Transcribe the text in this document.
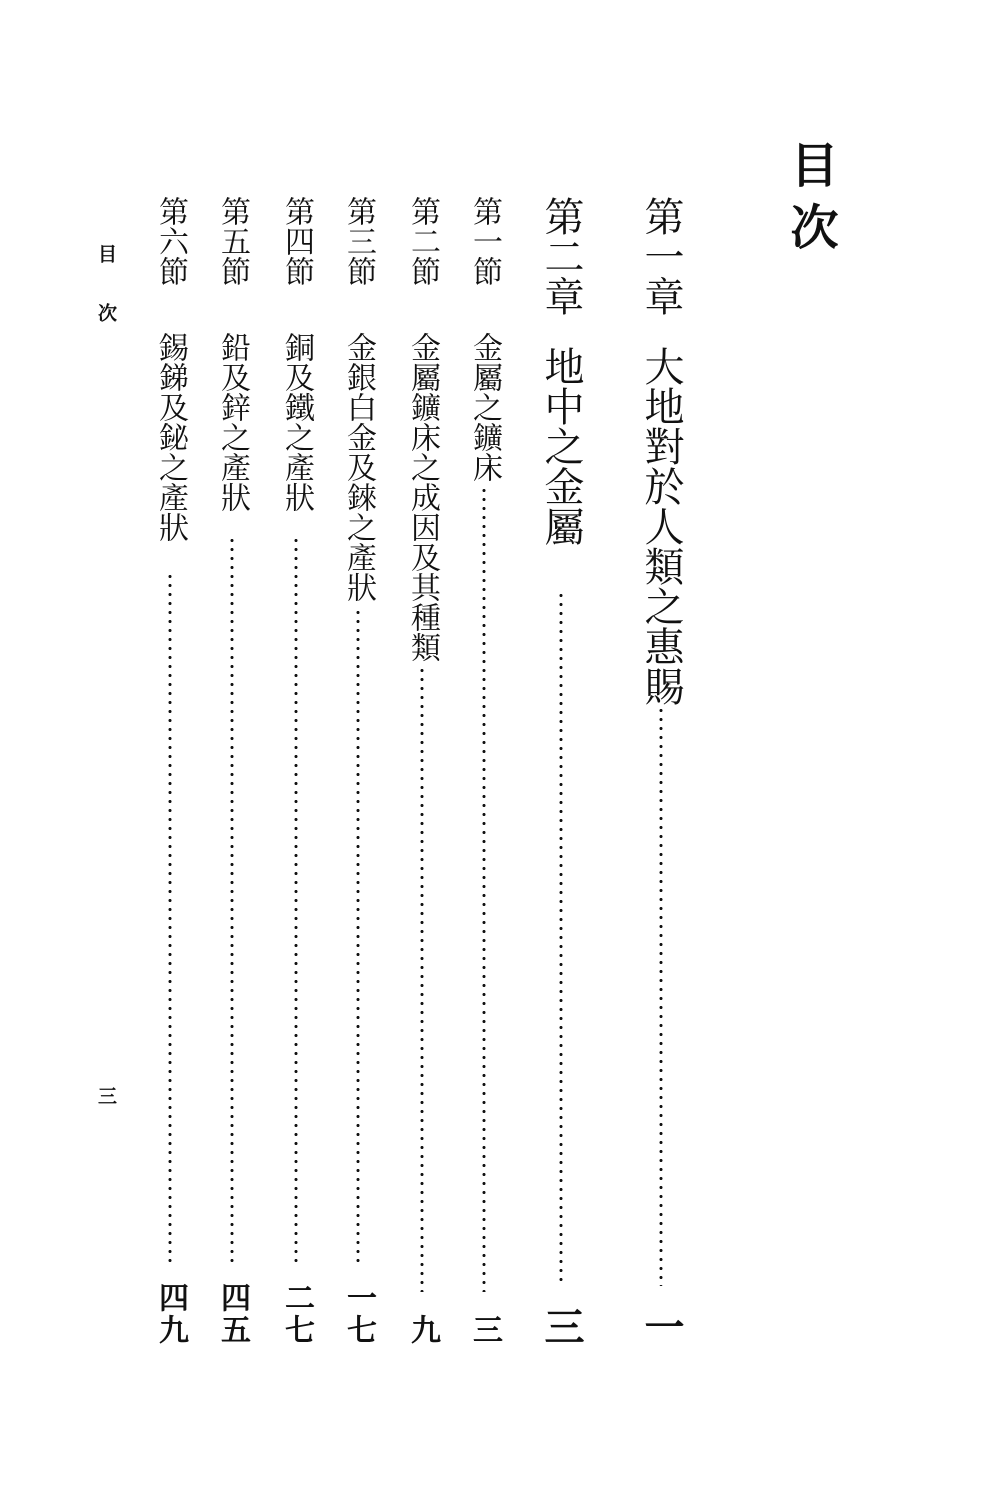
目次
第一章
大地對於人類之惠賜
一
第二章
地中之金屬
三
第一節
金屬之鑛床
三
第二節
金屬鑛床之成因及其種類
九
第三節
金銀白金及錸之產狀
一七
第四節
銅及鐵之產狀
二七
第五節
鉛及鋅之產狀
四五
第六節
錫銻及鉍之產狀
四九
目次
三
